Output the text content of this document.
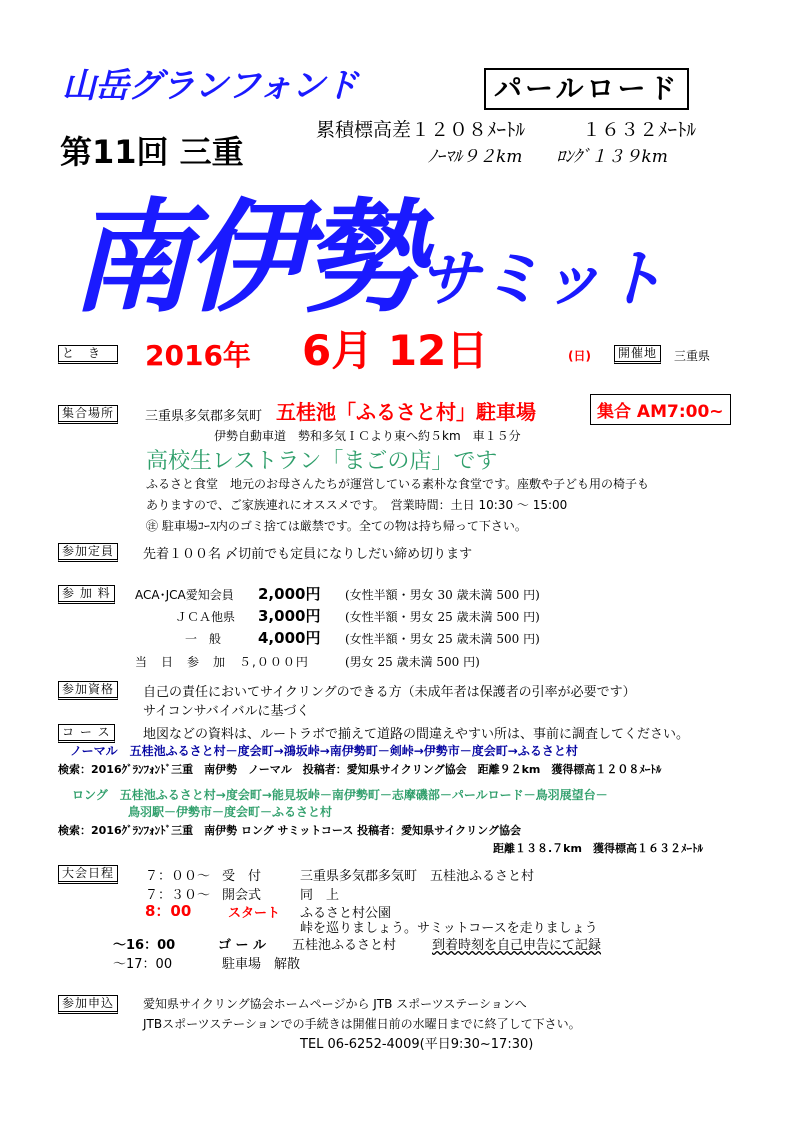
山岳グランフォンド	パールロード
第11回 三重
累積標高差１２０８ﾒｰﾄﾙ　　　１６３２ﾒｰﾄﾙ
ﾉｰﾏﾙ９２km　　ﾛﾝｸﾞ１３９km
南伊勢サミット
と　き	2016年 6月 12日	(日)	開催地	三重県
集合場所	三重県多気郡多気町 五桂池「ふるさと村」駐車場	集合 AM7:00~
伊勢自動車道　勢和多気ＩＣより東へ約５km　車１５分
高校生レストラン「まごの店」です
ふるさと食堂　地元のお母さんたちが運営している素朴な食堂です。座敷や子ども用の椅子も
ありますので、ご家族連れにオススメです。　営業時間：土日 10:30 ～ 15:00
㊟ 駐車場ｺｰｽ内のゴミ捨ては厳禁です。全ての物は持ち帰って下さい。
参加定員	先着１００名 〆切前でも定員になりしだい締め切ります
参 加 料	ACA･JCA愛知会員 2,000円 (女性半額・男女 30 歳未満 500 円)
ＪＣＡ他県 3,000円 (女性半額・男女 25 歳未満 500 円)
一　般 4,000円 (女性半額・男女 25 歳未満 500 円)
当　日　参　加　５,０００円	(男女 25 歳未満 500 円)
参加資格	自己の責任においてサイクリングのできる方（未成年者は保護者の引率が必要です）
サイコンサバイバルに基づく
コ ー ス	地図などの資料は、ルートラボで揃えて道路の間違えやすい所は、事前に調査してください。
ノーマル　五桂池ふるさと村－度会町→鴻坂峠→南伊勢町－剣峠→伊勢市－度会町→ふるさと村
検索：2016ｸﾞﾗﾝﾌｫﾝﾄﾞ三重　南伊勢　ノーマル　投稿者：愛知県サイクリング協会　距離９２km　獲得標高１２０８ﾒｰﾄﾙ
ロング　五桂池ふるさと村→度会町→能見坂峠－南伊勢町－志摩磯部－パールロード－鳥羽展望台－
鳥羽駅－伊勢市－度会町－ふるさと村
検索：2016ｸﾞﾗﾝﾌｫﾝﾄﾞ三重　南伊勢 ロング サミットコース 投稿者：愛知県サイクリング協会
距離１３８.７km　獲得標高１６３２ﾒｰﾄﾙ
大会日程	７：００～ 受　付	三重県多気郡多気町　五桂池ふるさと村
７：３０～ 開会式	同　上
8：00	スタート ふるさと村公園
峠を巡りましょう。サミットコースを走りましょう
～16：00	ゴ ー ル 五桂池ふるさと村	到着時刻を自己申告にて記録
～17：00	駐車場　解散
参加申込	愛知県サイクリング協会ホームページから JTB スポーツステーションへ
JTBスポーツステーションでの手続きは開催日前の水曜日までに終了して下さい。
TEL 06-6252-4009(平日9:30~17:30)
